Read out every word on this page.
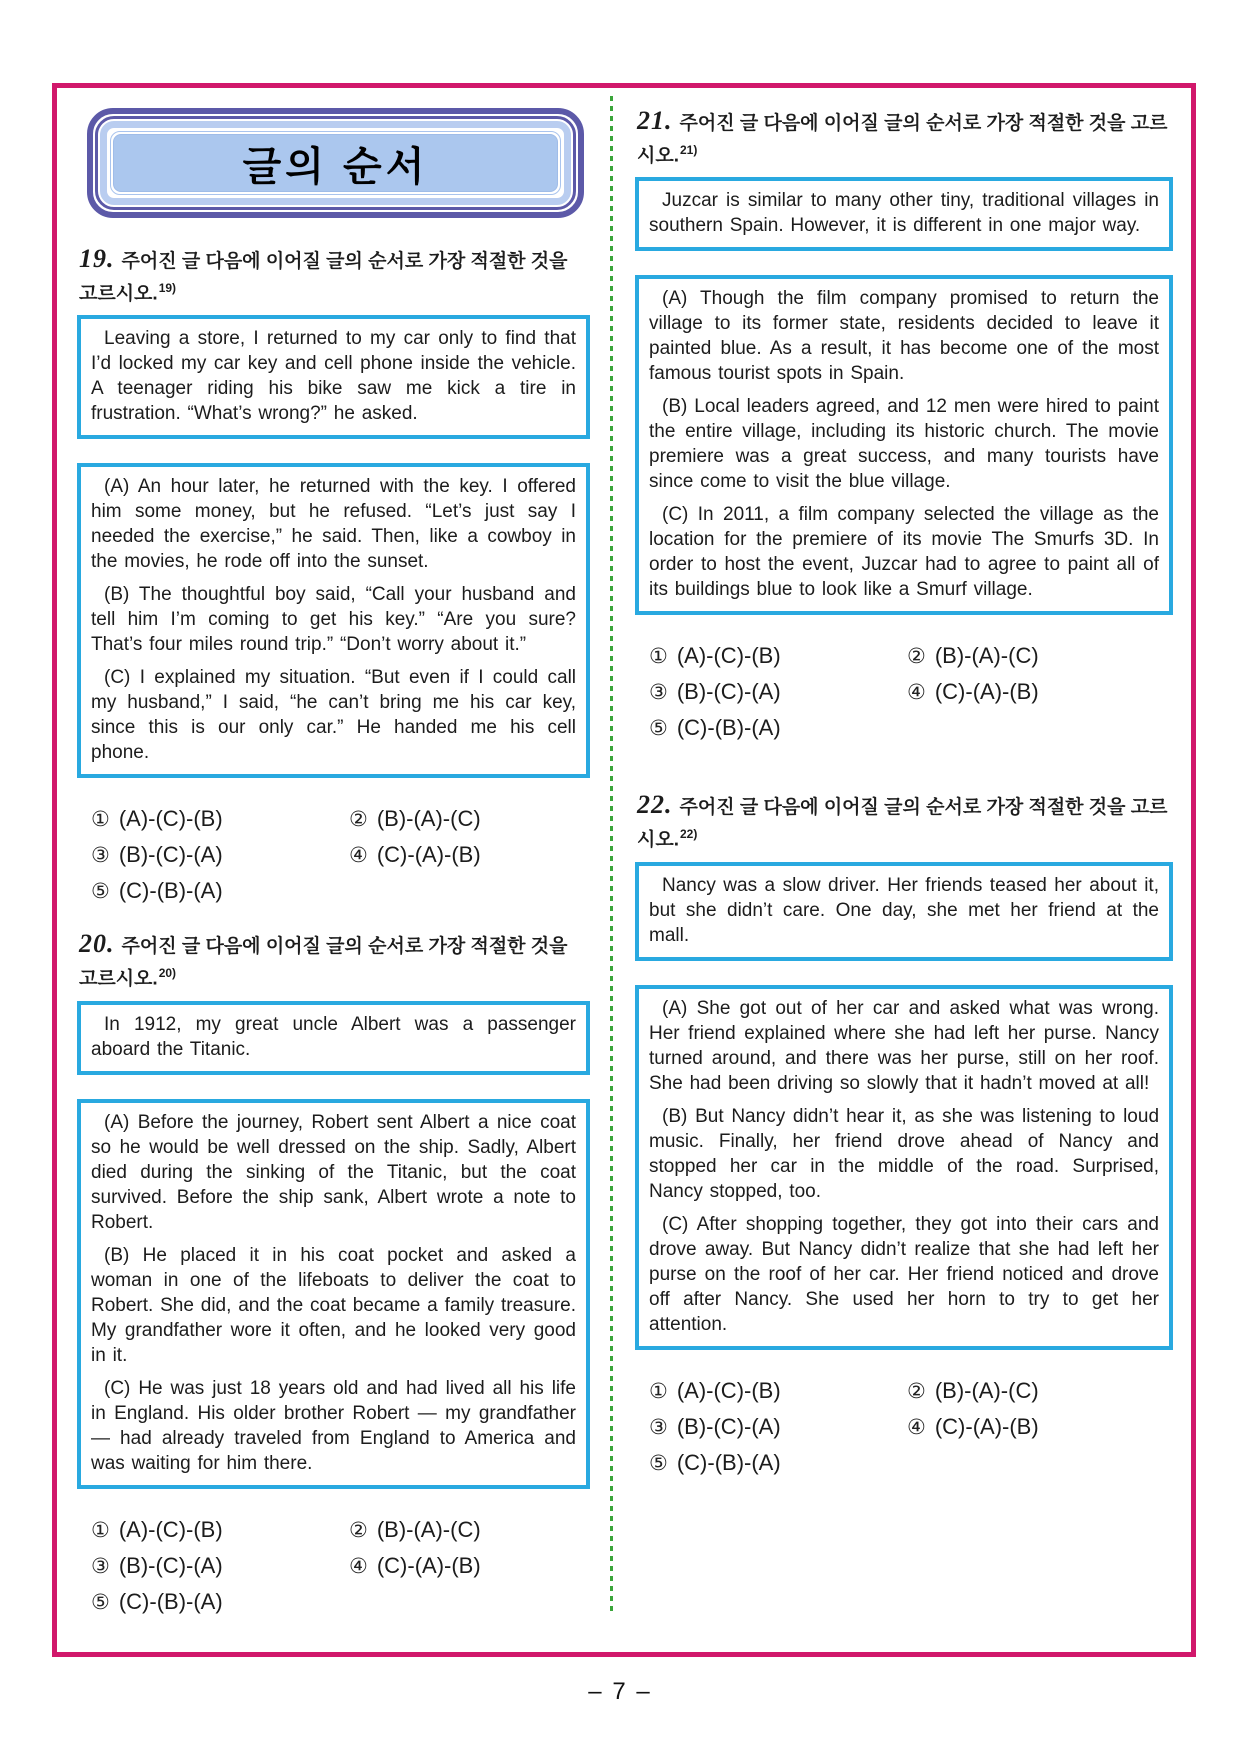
글의 순서
19. 주어진 글 다음에 이어질 글의 순서로 가장 적절한 것을 고르시오.$^{19)}$

Leaving a store, I returned to my car only to find that I’d locked my car key and cell phone inside the vehicle. A teenager riding his bike saw me kick a tire in frustration. “What’s wrong?” he asked.

(A) An hour later, he returned with the key. I offered him some money, but he refused. “Let’s just say I needed the exercise,” he said. Then, like a cowboy in the movies, he rode off into the sunset.

(B) The thoughtful boy said, “Call your husband and tell him I’m coming to get his key.” “Are you sure? That’s four miles round trip.” “Don’t worry about it.”

(C) I explained my situation. “But even if I could call my husband,” I said, “he can’t bring me his car key, since this is our only car.” He handed me his cell phone.

① (A)-(C)-(B)	② (B)-(A)-(C)
③ (B)-(C)-(A)	④ (C)-(A)-(B)
⑤ (C)-(B)-(A)
20. 주어진 글 다음에 이어질 글의 순서로 가장 적절한 것을 고르시오.$^{20)}$

In 1912, my great uncle Albert was a passenger aboard the Titanic.

(A) Before the journey, Robert sent Albert a nice coat so he would be well dressed on the ship. Sadly, Albert died during the sinking of the Titanic, but the coat survived. Before the ship sank, Albert wrote a note to Robert.

(B) He placed it in his coat pocket and asked a woman in one of the lifeboats to deliver the coat to Robert. She did, and the coat became a family treasure. My grandfather wore it often, and he looked very good in it.

(C) He was just 18 years old and had lived all his life in England. His older brother Robert — my grandfather — had already traveled from England to America and was waiting for him there.

① (A)-(C)-(B)	② (B)-(A)-(C)
③ (B)-(C)-(A)	④ (C)-(A)-(B)
⑤ (C)-(B)-(A)
21. 주어진 글 다음에 이어질 글의 순서로 가장 적절한 것을 고르시오.$^{21)}$

Juzcar is similar to many other tiny, traditional villages in southern Spain. However, it is different in one major way.

(A) Though the film company promised to return the village to its former state, residents decided to leave it painted blue. As a result, it has become one of the most famous tourist spots in Spain.

(B) Local leaders agreed, and 12 men were hired to paint the entire village, including its historic church. The movie premiere was a great success, and many tourists have since come to visit the blue village.

(C) In 2011, a film company selected the village as the location for the premiere of its movie The Smurfs 3D. In order to host the event, Juzcar had to agree to paint all of its buildings blue to look like a Smurf village.

① (A)-(C)-(B)	② (B)-(A)-(C)
③ (B)-(C)-(A)	④ (C)-(A)-(B)
⑤ (C)-(B)-(A)
22. 주어진 글 다음에 이어질 글의 순서로 가장 적절한 것을 고르시오.$^{22)}$

Nancy was a slow driver. Her friends teased her about it, but she didn’t care. One day, she met her friend at the mall.

(A) She got out of her car and asked what was wrong. Her friend explained where she had left her purse. Nancy turned around, and there was her purse, still on her roof. She had been driving so slowly that it hadn’t moved at all!

(B) But Nancy didn’t hear it, as she was listening to loud music. Finally, her friend drove ahead of Nancy and stopped her car in the middle of the road. Surprised, Nancy stopped, too.

(C) After shopping together, they got into their cars and drove away. But Nancy didn’t realize that she had left her purse on the roof of her car. Her friend noticed and drove off after Nancy. She used her horn to try to get her attention.

① (A)-(C)-(B)	② (B)-(A)-(C)
③ (B)-(C)-(A)	④ (C)-(A)-(B)
⑤ (C)-(B)-(A)
– 7 –
